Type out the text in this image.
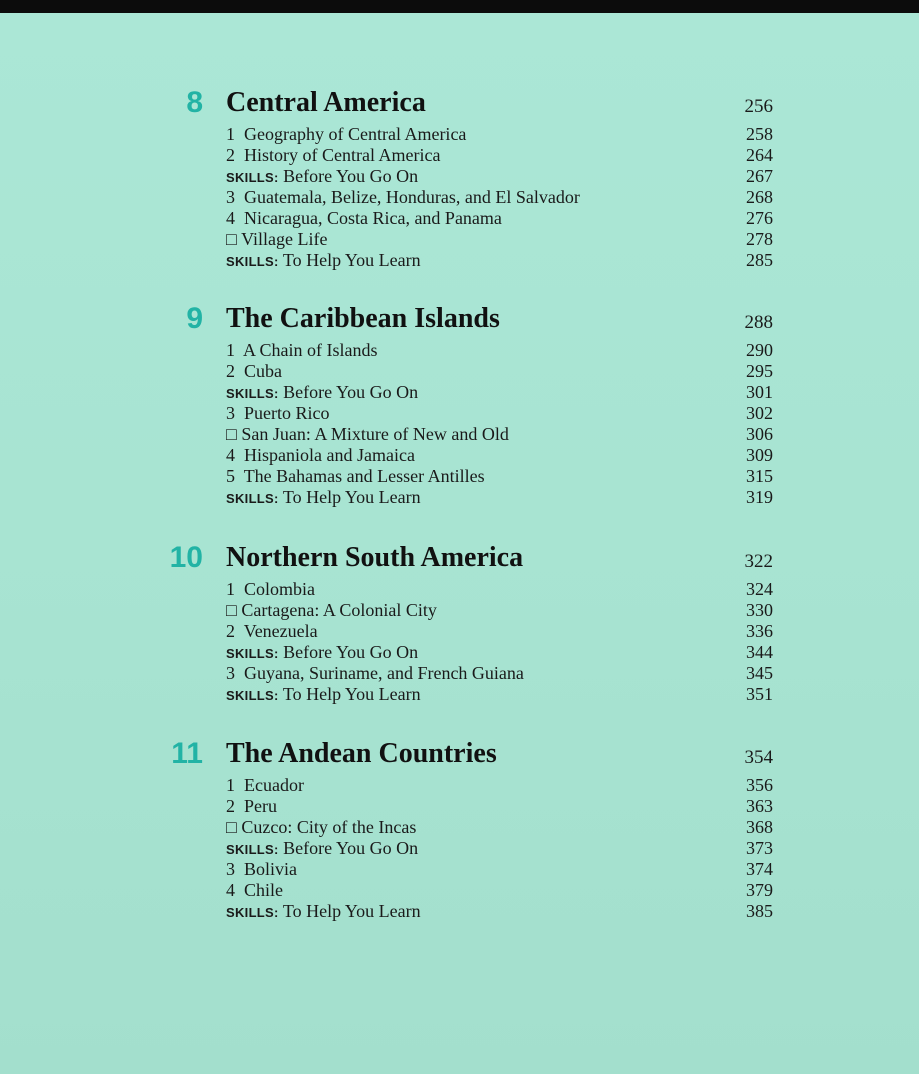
8 Central America	256
1 Geography of Central America	258
2 History of Central America	264
SKILLS: Before You Go On	267
3 Guatemala, Belize, Honduras, and El Salvador	268
4 Nicaragua, Costa Rica, and Panama	276
□ Village Life	278
SKILLS: To Help You Learn	285
9 The Caribbean Islands	288
1 A Chain of Islands	290
2 Cuba	295
SKILLS: Before You Go On	301
3 Puerto Rico	302
□ San Juan: A Mixture of New and Old	306
4 Hispaniola and Jamaica	309
5 The Bahamas and Lesser Antilles	315
SKILLS: To Help You Learn	319
10 Northern South America	322
1 Colombia	324
□ Cartagena: A Colonial City	330
2 Venezuela	336
SKILLS: Before You Go On	344
3 Guyana, Suriname, and French Guiana	345
SKILLS: To Help You Learn	351
11 The Andean Countries	354
1 Ecuador	356
2 Peru	363
□ Cuzco: City of the Incas	368
SKILLS: Before You Go On	373
3 Bolivia	374
4 Chile	379
SKILLS: To Help You Learn	385
